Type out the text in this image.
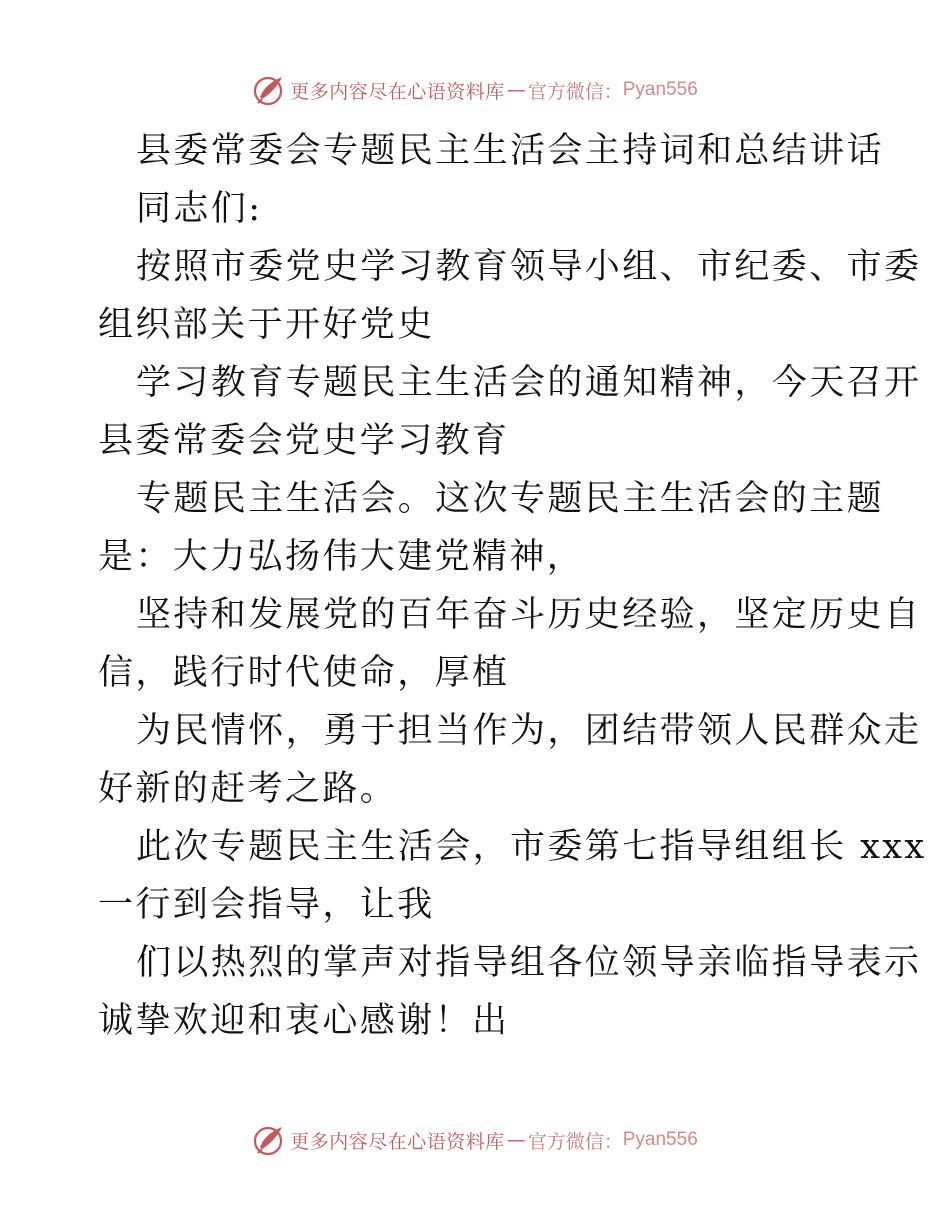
更多内容尽在心语资料库 — 官方微信： Pyan556
县委常委会专题民主生活会主持词和总结讲话
同志们:
按照市委党史学习教育领导小组、市纪委、市委
组织部关于开好党史
学习教育专题民主生活会的通知精神，今天召开
县委常委会党史学习教育
专题民主生活会。这次专题民主生活会的主题
是：大力弘扬伟大建党精神，
坚持和发展党的百年奋斗历史经验，坚定历史自
信，践行时代使命，厚植
为民情怀，勇于担当作为，团结带领人民群众走
好新的赶考之路。
此次专题民主生活会，市委第七指导组组长 xxx
一行到会指导，让我
们以热烈的掌声对指导组各位领导亲临指导表示
诚挚欢迎和衷心感谢！出
更多内容尽在心语资料库 — 官方微信： Pyan556
